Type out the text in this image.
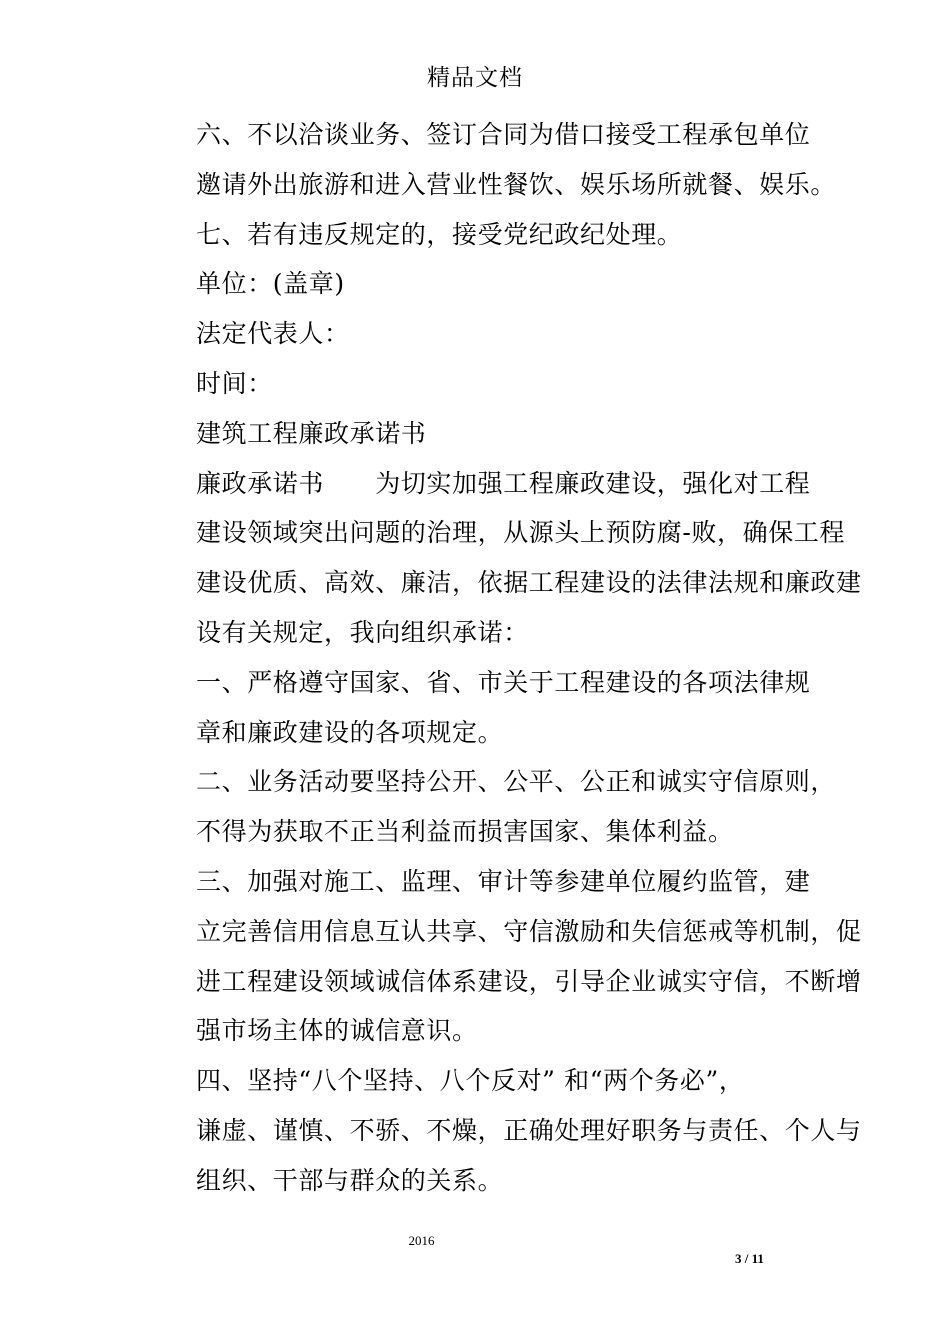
精品文档

六、不以洽谈业务、签订合同为借口接受工程承包单位
邀请外出旅游和进入营业性餐饮、娱乐场所就餐、娱乐。

七、若有违反规定的，接受党纪政纪处理。

单位：(盖章)

法定代表人：

时间：

建筑工程廉政承诺书

廉政承诺书　　为切实加强工程廉政建设，强化对工程
建设领域突出问题的治理，从源头上预防腐-败，确保工程
建设优质、高效、廉洁，依据工程建设的法律法规和廉政建
设有关规定，我向组织承诺：

一、严格遵守国家、省、市关于工程建设的各项法律规
章和廉政建设的各项规定。

二、业务活动要坚持公开、公平、公正和诚实守信原则，
不得为获取不正当利益而损害国家、集体利益。

三、加强对施工、监理、审计等参建单位履约监管，建
立完善信用信息互认共享、守信激励和失信惩戒等机制，促
进工程建设领域诚信体系建设，引导企业诚实守信，不断增
强市场主体的诚信意识。

四、坚持“八个坚持、八个反对” 和“两个务必”，
谦虚、谨慎、不骄、不燥，正确处理好职务与责任、个人与
组织、干部与群众的关系。

2016
3 / 11
